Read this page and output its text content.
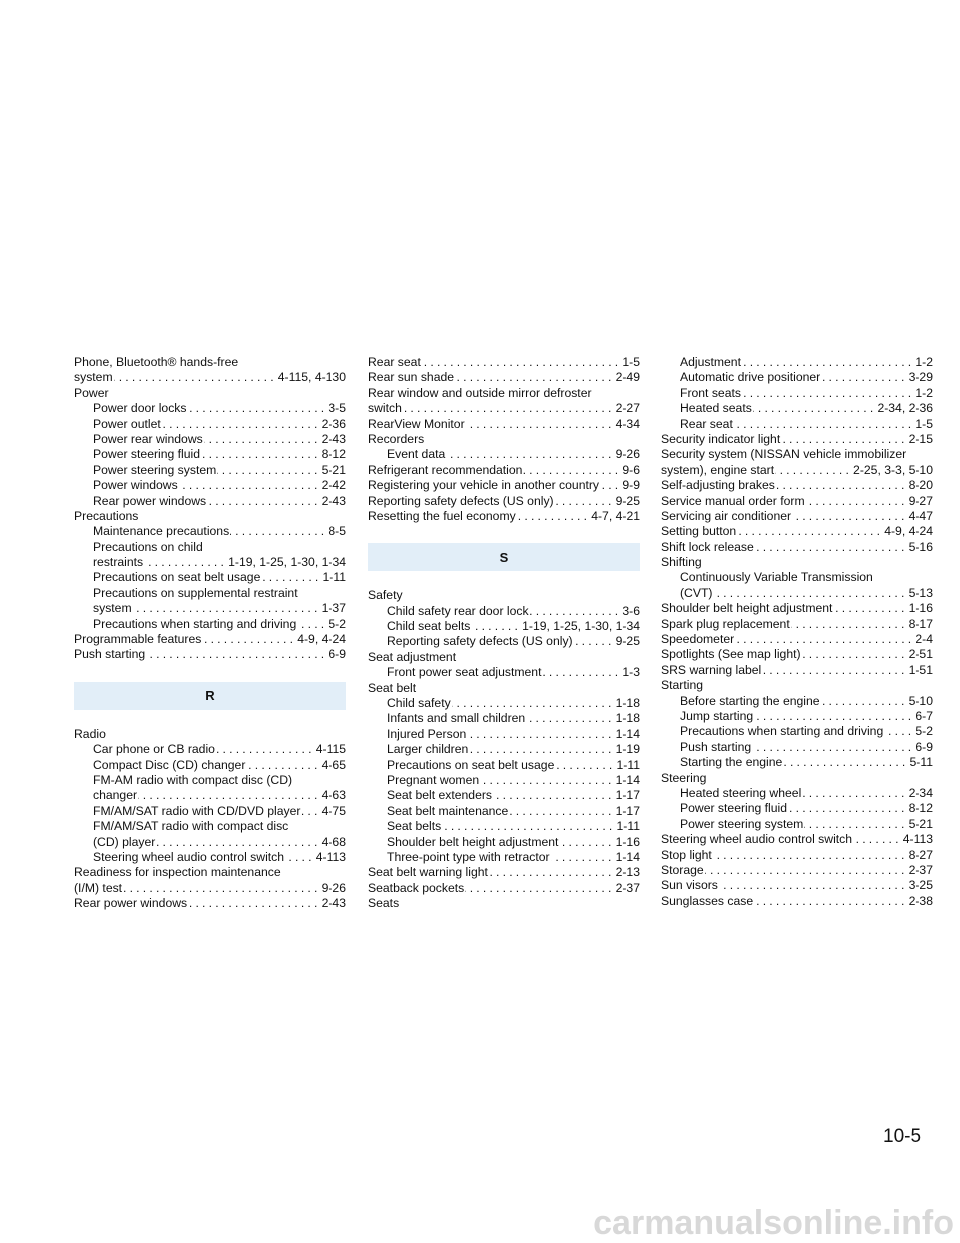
Phone, Bluetooth® hands-free
system .....	4-115, 4-130
Power
Power door locks .....	3-5
Power outlet .....	2-36
Power rear windows .....	2-43
Power steering fluid .....	8-12
Power steering system .....	5-21
Power windows .....	2-42
Rear power windows .....	2-43
Precautions
Maintenance precautions .....	8-5
Precautions on child
restraints .....	1-19, 1-25, 1-30, 1-34
Precautions on seat belt usage .....	1-11
Precautions on supplemental restraint
system .....	1-37
Precautions when starting and driving .....	5-2
Programmable features .....	4-9, 4-24
Push starting .....	6-9
R
Radio
Car phone or CB radio .....	4-115
Compact Disc (CD) changer .....	4-65
FM-AM radio with compact disc (CD)
changer .....	4-63
FM/AM/SAT radio with CD/DVD player ..... 4-75
FM/AM/SAT radio with compact disc
(CD) player .....	4-68
Steering wheel audio control switch .....	4-113
Readiness for inspection maintenance
(I/M) test .....	9-26
Rear power windows .....	2-43
Rear seat .....	1-5
Rear sun shade .....	2-49
Rear window and outside mirror defroster
switch .....	2-27
RearView Monitor .....	4-34
Recorders
Event data .....	9-26
Refrigerant recommendation .....	9-6
Registering your vehicle in another country ..... 9-9
Reporting safety defects (US only) .....	9-25
Resetting the fuel economy .....	4-7, 4-21
S
Safety
Child safety rear door lock .....	3-6
Child seat belts .....	1-19, 1-25, 1-30, 1-34
Reporting safety defects (US only) .....	9-25
Seat adjustment
Front power seat adjustment .....	1-3
Seat belt
Child safety .....	1-18
Infants and small children .....	1-18
Injured Person .....	1-14
Larger children .....	1-19
Precautions on seat belt usage .....	1-11
Pregnant women .....	1-14
Seat belt extenders .....	1-17
Seat belt maintenance .....	1-17
Seat belts .....	1-11
Shoulder belt height adjustment .....	1-16
Three-point type with retractor .....	1-14
Seat belt warning light .....	2-13
Seatback pockets .....	2-37
Seats
Adjustment .....	1-2
Automatic drive positioner .....	3-29
Front seats .....	1-2
Heated seats .....	2-34, 2-36
Rear seat .....	1-5
Security indicator light .....	2-15
Security system (NISSAN vehicle immobilizer
system), engine start .....	2-25, 3-3, 5-10
Self-adjusting brakes .....	8-20
Service manual order form .....	9-27
Servicing air conditioner .....	4-47
Setting button .....	4-9, 4-24
Shift lock release .....	5-16
Shifting
Continuously Variable Transmission
(CVT) .....	5-13
Shoulder belt height adjustment .....	1-16
Spark plug replacement .....	8-17
Speedometer .....	2-4
Spotlights (See map light) .....	2-51
SRS warning label .....	1-51
Starting
Before starting the engine .....	5-10
Jump starting .....	6-7
Precautions when starting and driving .....	5-2
Push starting .....	6-9
Starting the engine .....	5-11
Steering
Heated steering wheel .....	2-34
Power steering fluid .....	8-12
Power steering system .....	5-21
Steering wheel audio control switch .....	4-113
Stop light .....	8-27
Storage .....	2-37
Sun visors .....	3-25
Sunglasses case .....	2-38
10-5
carmanualsonline.info
